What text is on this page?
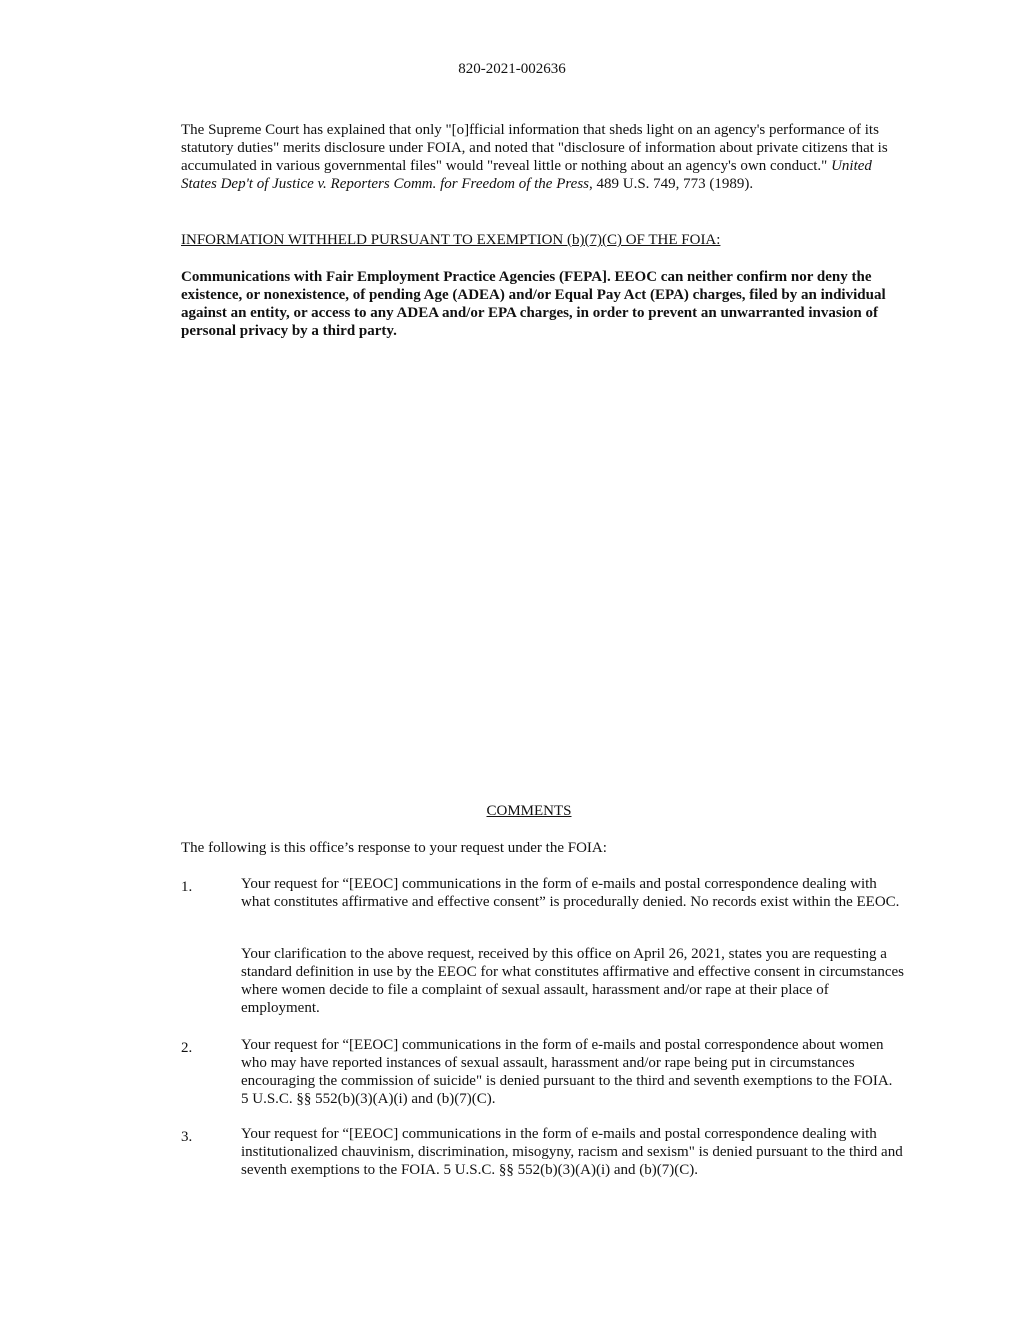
820-2021-002636

The Supreme Court has explained that only "[o]fficial information that sheds light on an agency's performance of its statutory duties" merits disclosure under FOIA, and noted that "disclosure of information about private citizens that is accumulated in various governmental files" would "reveal little or nothing about an agency's own conduct." United States Dep't of Justice v. Reporters Comm. for Freedom of the Press, 489 U.S. 749, 773 (1989).

INFORMATION WITHHELD PURSUANT TO EXEMPTION (b)(7)(C) OF THE FOIA:

Communications with Fair Employment Practice Agencies (FEPA]. EEOC can neither confirm nor deny the existence, or nonexistence, of pending Age (ADEA) and/or Equal Pay Act (EPA) charges, filed by an individual against an entity, or access to any ADEA and/or EPA charges, in order to prevent an unwarranted invasion of personal privacy by a third party.

COMMENTS

The following is this office’s response to your request under the FOIA:

1.	Your request for “[EEOC] communications in the form of e-mails and postal correspondence dealing with what constitutes affirmative and effective consent” is procedurally denied. No records exist within the EEOC.

Your clarification to the above request, received by this office on April 26, 2021, states you are requesting a standard definition in use by the EEOC for what constitutes affirmative and effective consent in circumstances where women decide to file a complaint of sexual assault, harassment and/or rape at their place of employment.

2.	Your request for “[EEOC] communications in the form of e-mails and postal correspondence about women who may have reported instances of sexual assault, harassment and/or rape being put in circumstances encouraging the commission of suicide" is denied pursuant to the third and seventh exemptions to the FOIA. 5 U.S.C. §§ 552(b)(3)(A)(i) and (b)(7)(C).

3.	Your request for “[EEOC] communications in the form of e-mails and postal correspondence dealing with institutionalized chauvinism, discrimination, misogyny, racism and sexism" is denied pursuant to the third and seventh exemptions to the FOIA. 5 U.S.C. §§ 552(b)(3)(A)(i) and (b)(7)(C).
